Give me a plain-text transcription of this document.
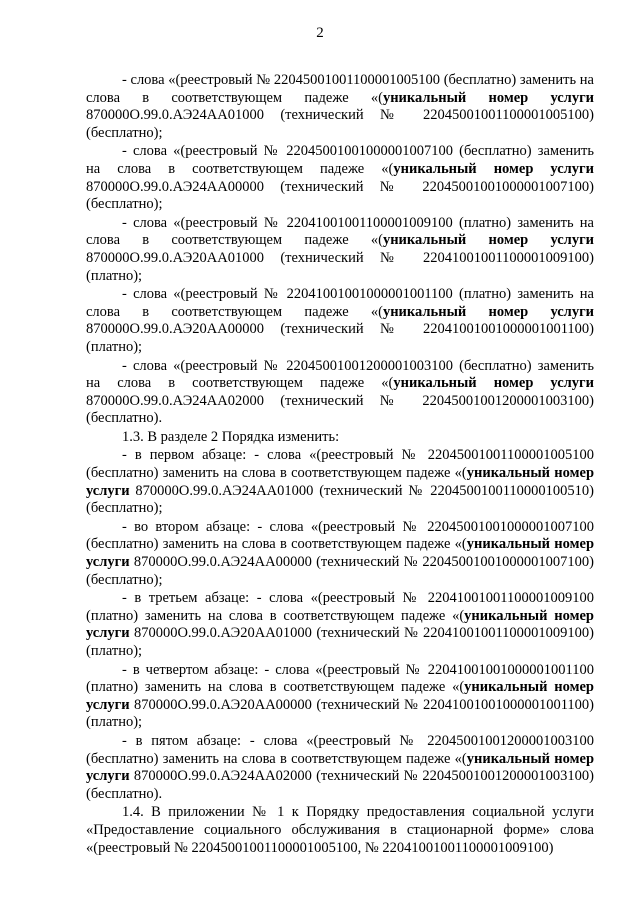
2

- слова «(реестровый № 22045001001100001005100 (бесплатно) заменить на слова в соответствующем падеже «(уникальный номер услуги 870000О.99.0.АЭ24АА01000 (технический № 22045001001100001005100) (бесплатно);

- слова «(реестровый № 22045001001000001007100 (бесплатно) заменить на слова в соответствующем падеже «(уникальный номер услуги 870000О.99.0.АЭ24АА00000 (технический № 22045001001000001007100) (бесплатно);

- слова «(реестровый № 22041001001100001009100 (платно) заменить на слова в соответствующем падеже «(уникальный номер услуги 870000О.99.0.АЭ20АА01000 (технический № 22041001001100001009100) (платно);

- слова «(реестровый № 22041001001000001001100 (платно) заменить на слова в соответствующем падеже «(уникальный номер услуги 870000О.99.0.АЭ20АА00000 (технический № 22041001001000001001100) (платно);

- слова «(реестровый № 22045001001200001003100 (бесплатно) заменить на слова в соответствующем падеже «(уникальный номер услуги 870000О.99.0.АЭ24АА02000 (технический № 22045001001200001003100) (бесплатно).

1.3. В разделе 2 Порядка изменить:

- в первом абзаце: - слова «(реестровый № 22045001001100001005100 (бесплатно) заменить на слова в соответствующем падеже «(уникальный номер услуги 870000О.99.0.АЭ24АА01000 (технический № 2204500100110000100510) (бесплатно);

- во втором абзаце: - слова «(реестровый № 22045001001000001007100 (бесплатно) заменить на слова в соответствующем падеже «(уникальный номер услуги 870000О.99.0.АЭ24АА00000 (технический № 22045001001000001007100) (бесплатно);

- в третьем абзаце: - слова «(реестровый № 22041001001100001009100 (платно) заменить на слова в соответствующем падеже «(уникальный номер услуги 870000О.99.0.АЭ20АА01000 (технический № 22041001001100001009100) (платно);

- в четвертом абзаце: - слова «(реестровый № 22041001001000001001100 (платно) заменить на слова в соответствующем падеже «(уникальный номер услуги 870000О.99.0.АЭ20АА00000 (технический № 22041001001000001001100) (платно);

- в пятом абзаце: - слова «(реестровый № 22045001001200001003100 (бесплатно) заменить на слова в соответствующем падеже «(уникальный номер услуги 870000О.99.0.АЭ24АА02000 (технический № 22045001001200001003100) (бесплатно).

1.4. В приложении № 1 к Порядку предоставления социальной услуги «Предоставление социального обслуживания в стационарной форме» слова «(реестровый № 22045001001100001005100, № 22041001001100001009100)
